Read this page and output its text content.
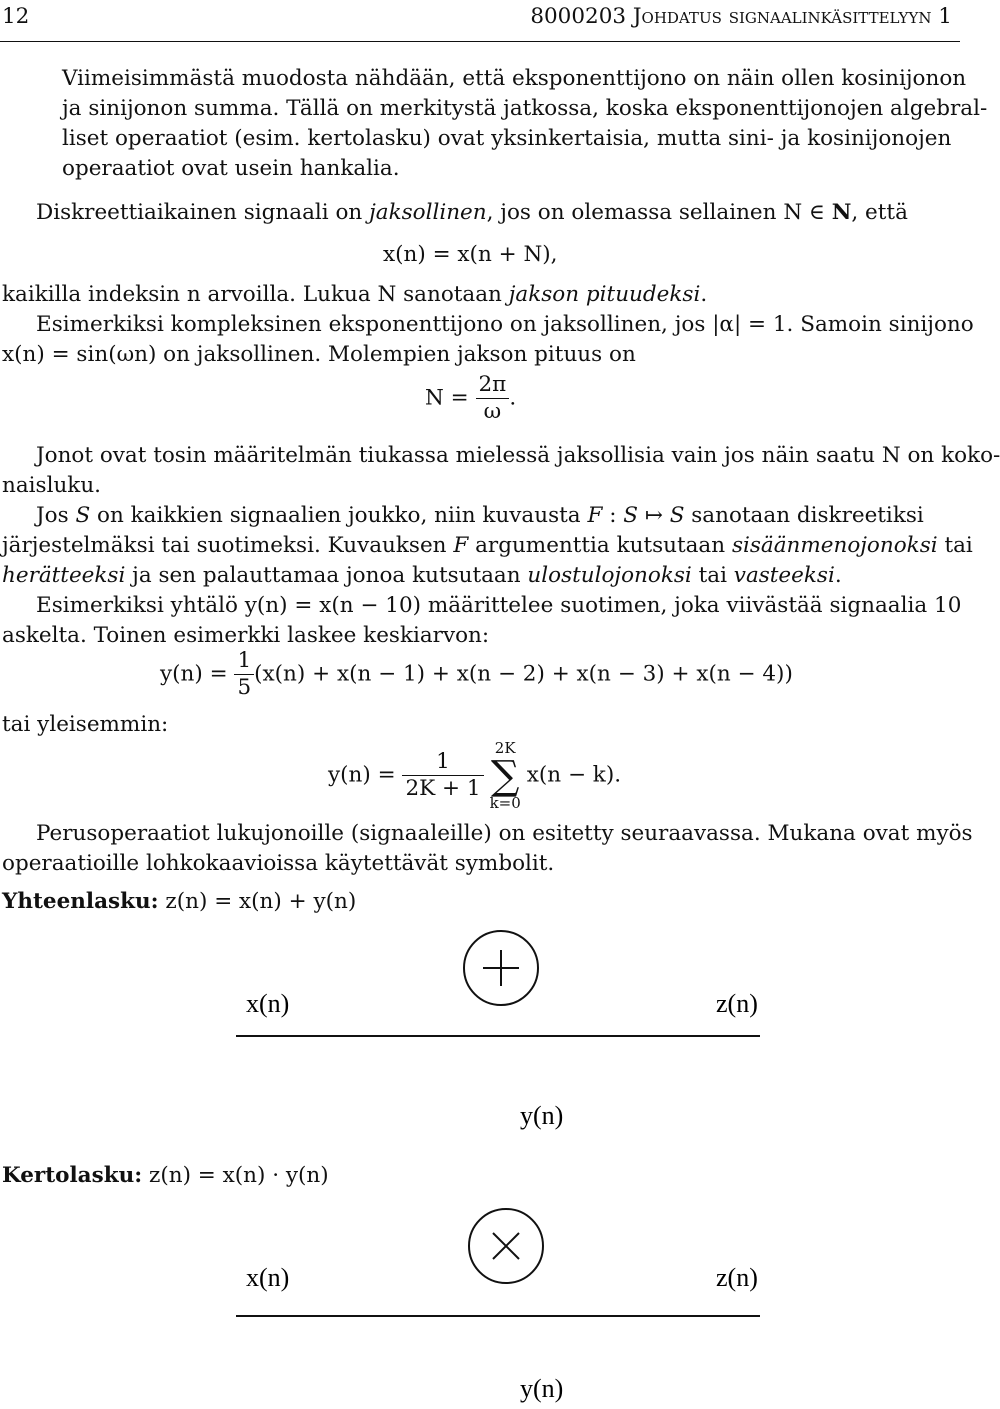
12	8000203 Johdatus signaalinkäsittelyyn 1
Viimeisimmästä muodosta nähdään, että eksponenttijono on näin ollen kosinijonon
ja sinijonon summa. Tällä on merkitystä jatkossa, koska eksponenttijonojen algebral-
liset operaatiot (esim. kertolasku) ovat yksinkertaisia, mutta sini- ja kosinijonojen
operaatiot ovat usein hankalia.
Diskreettiaikainen signaali on jaksollinen, jos on olemassa sellainen N ∈ N, että
x(n) = x(n + N),
kaikilla indeksin n arvoilla. Lukua N sanotaan jakson pituudeksi.
Esimerkiksi kompleksinen eksponenttijono on jaksollinen, jos |α| = 1. Samoin sinijono
x(n) = sin(ωn) on jaksollinen. Molempien jakson pituus on
$N = \frac{2\pi}{\omega}$ .
Jonot ovat tosin määritelmän tiukassa mielessä jaksollisia vain jos näin saatu N on koko-
naisluku.
Jos S on kaikkien signaalien joukko, niin kuvausta F : S ↦ S sanotaan diskreetiksi
järjestelmäksi tai suotimeksi. Kuvauksen F argumenttia kutsutaan sisäänmenojonoksi tai
herätteeksi ja sen palauttamaa jonoa kutsutaan ulostulojonoksi tai vasteeksi.
Esimerkiksi yhtälö y(n) = x(n − 10) määrittelee suotimen, joka viivästää signaalia 10
askelta. Toinen esimerkki laskee keskiarvon:
$y(n) = \frac{1}{5} (x(n) + x(n - 1) + x(n - 2) + x(n - 3) + x(n - 4))$
tai yleisemmin:
$y(n) = \frac{1}{2K + 1}$
2K
∑
k=0
x(n − k).
Perusoperaatiot lukujonoille (signaaleille) on esitetty seuraavassa. Mukana ovat myös
operaatioille lohkokaavioissa käytettävät symbolit.
Yhteenlasku: z(n) = x(n) + y(n)
x(n)	z(n)
y(n)
Kertolasku: z(n) = x(n) · y(n)
x(n)	z(n)
y(n)
